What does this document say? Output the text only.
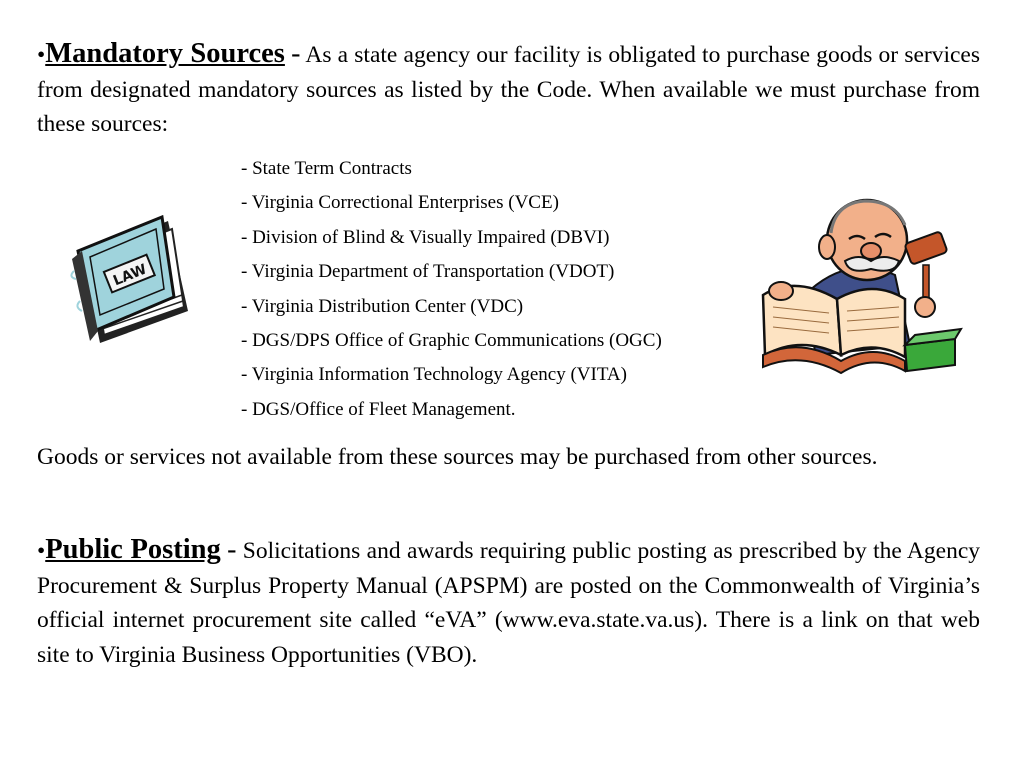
•Mandatory Sources - As a state agency our facility is obligated to purchase goods or services from designated mandatory sources as listed by the Code. When available we must purchase from these sources:

- State Term Contracts
- Virginia Correctional Enterprises (VCE)
- Division of Blind & Visually Impaired (DBVI)
- Virginia Department of Transportation (VDOT)
- Virginia Distribution Center (VDC)
- DGS/DPS Office of Graphic Communications (OGC)
- Virginia Information Technology Agency (VITA)
- DGS/Office of Fleet Management.

Goods or services not available from these sources may be purchased from other sources.

•Public Posting - Solicitations and awards requiring public posting as prescribed by the Agency Procurement & Surplus Property Manual (APSPM) are posted on the Commonwealth of Virginia’s official internet procurement site called “eVA” (www.eva.state.va.us). There is a link on that web site to Virginia Business Opportunities (VBO).

LAW
